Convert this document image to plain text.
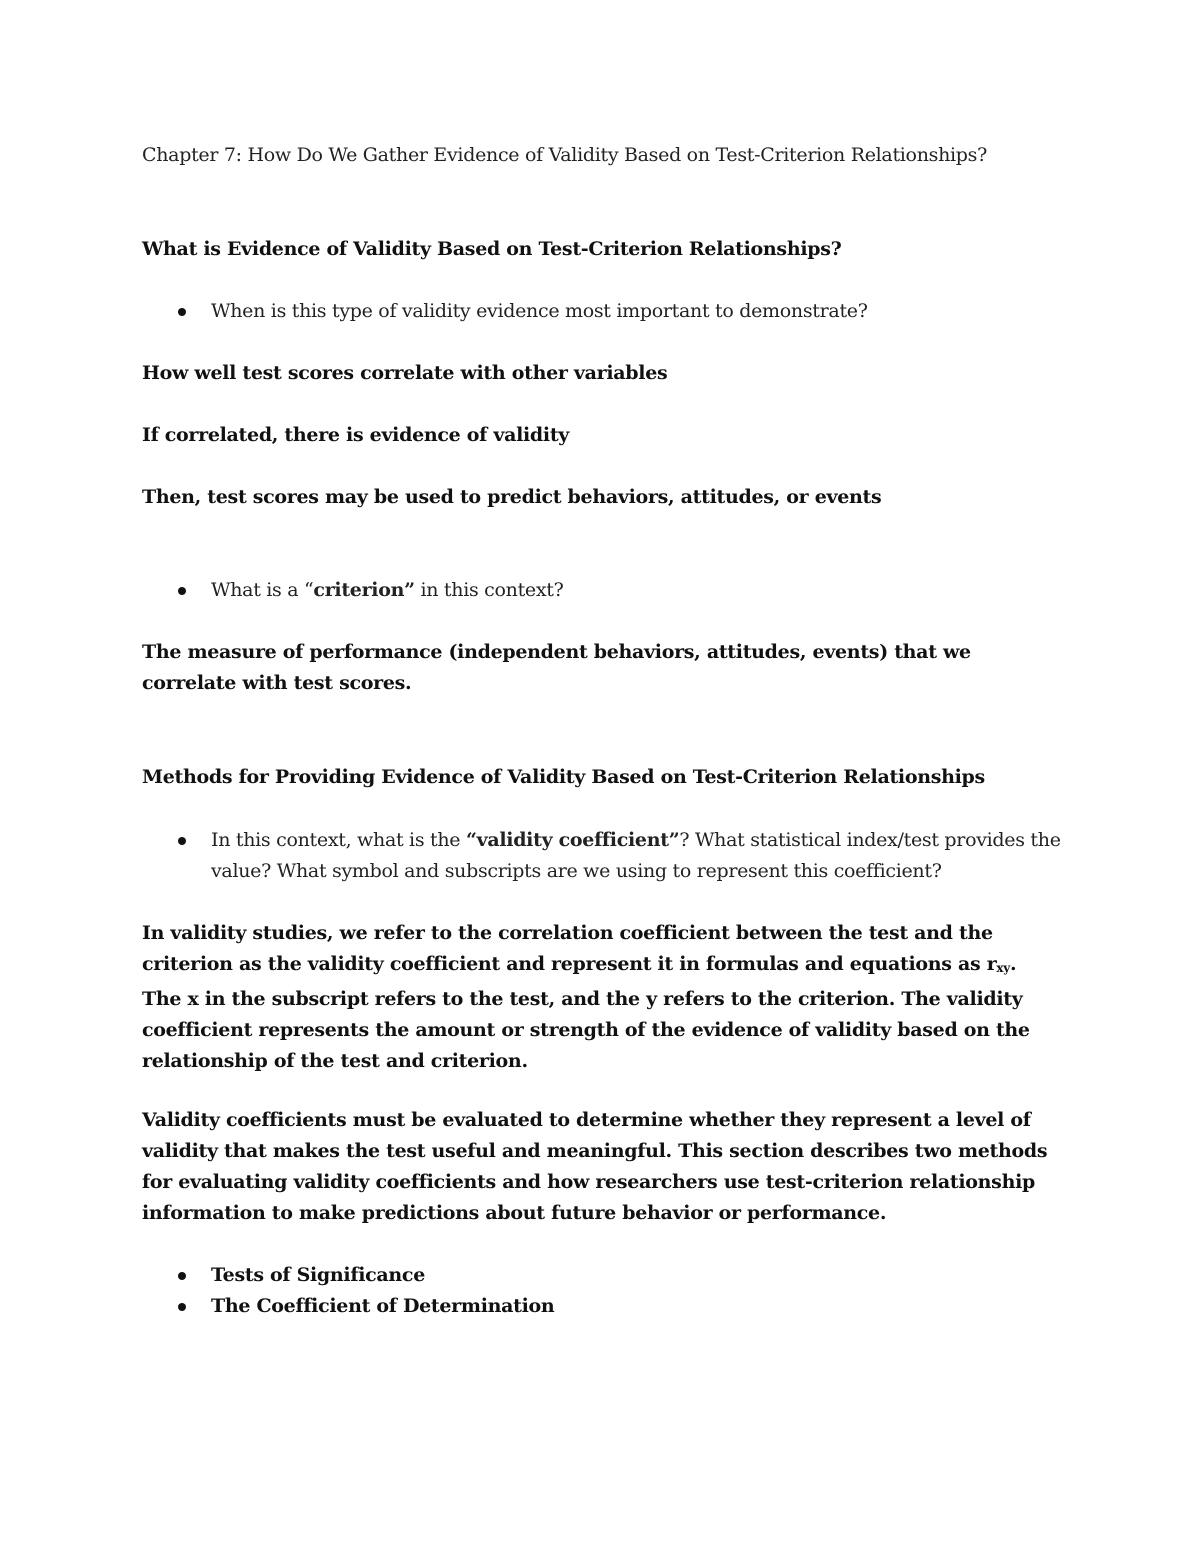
Chapter 7: How Do We Gather Evidence of Validity Based on Test-Criterion Relationships?
What is Evidence of Validity Based on Test-Criterion Relationships?
When is this type of validity evidence most important to demonstrate?
How well test scores correlate with other variables
If correlated, there is evidence of validity
Then, test scores may be used to predict behaviors, attitudes, or events
What is a “criterion” in this context?
The measure of performance (independent behaviors, attitudes, events) that we correlate with test scores.
Methods for Providing Evidence of Validity Based on Test-Criterion Relationships
In this context, what is the “validity coefficient”? What statistical index/test provides the value? What symbol and subscripts are we using to represent this coefficient?
In validity studies, we refer to the correlation coefficient between the test and the criterion as the validity coefficient and represent it in formulas and equations as $r_{xy}$. The x in the subscript refers to the test, and the y refers to the criterion. The validity coefficient represents the amount or strength of the evidence of validity based on the relationship of the test and criterion.
Validity coefficients must be evaluated to determine whether they represent a level of validity that makes the test useful and meaningful. This section describes two methods for evaluating validity coefficients and how researchers use test-criterion relationship information to make predictions about future behavior or performance.
Tests of Significance
The Coefficient of Determination
